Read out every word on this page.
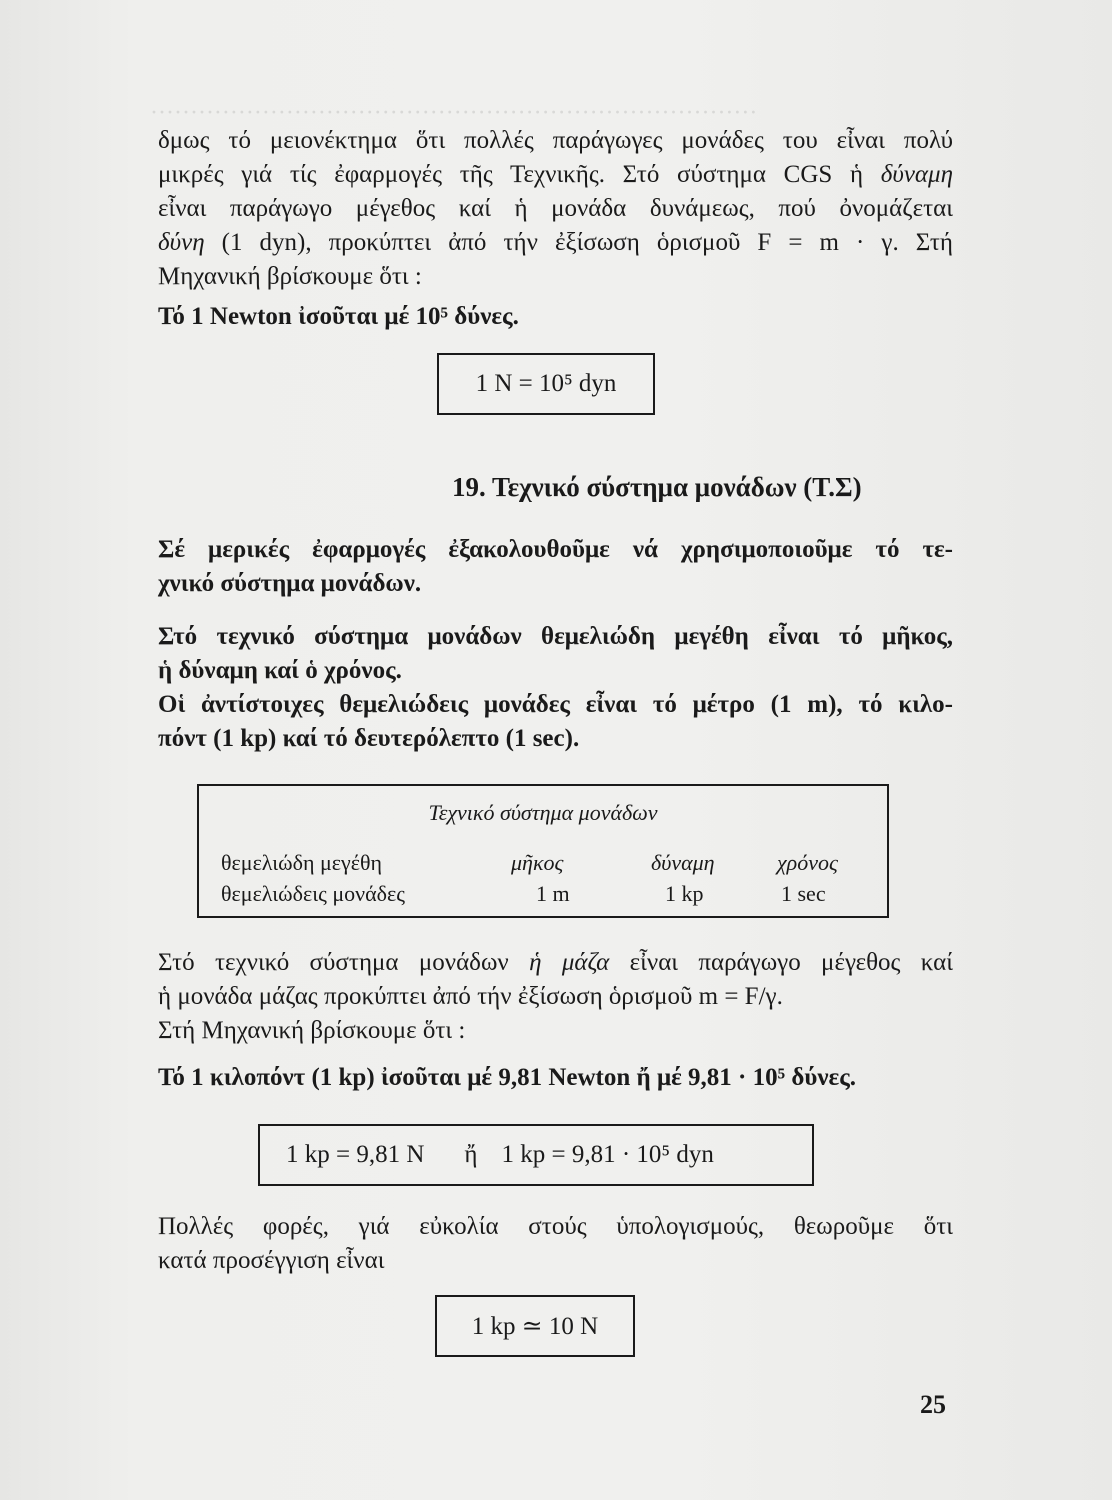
············································································
δμως τό μειονέκτημα ὅτι πολλές παράγωγες μονάδες του εἶναι πολύ
μικρές γιά τίς ἐφαρμογές τῆς Τεχνικῆς. Στό σύστημα CGS ἡ δύναμη
εἶναι παράγωγο μέγεθος καί ἡ μονάδα δυνάμεως, πού ὀνομάζεται
δύνη (1 dyn), προκύπτει ἀπό τήν ἐξίσωση ὁρισμοῦ F = m · γ. Στή
Μηχανική βρίσκουμε ὅτι :
Τό 1 Newton ἰσοῦται μέ 10⁵ δύνες.
1 N = 10⁵ dyn
19. Τεχνικό σύστημα μονάδων (Τ.Σ)
Σέ μερικές ἐφαρμογές ἐξακολουθοῦμε νά χρησιμοποιοῦμε τό τε-
χνικό σύστημα μονάδων.
Στό τεχνικό σύστημα μονάδων θεμελιώδη μεγέθη εἶναι τό μῆκος,
ἡ δύναμη καί ὁ χρόνος.
Οἱ ἀντίστοιχες θεμελιώδεις μονάδες εἶναι τό μέτρο (1 m), τό κιλο-
πόντ (1 kp) καί τό δευτερόλεπτο (1 sec).
Τεχνικό σύστημα μονάδων
θεμελιώδη μεγέθη
θεμελιώδεις μονάδες
μῆκος
1 m
δύναμη
1 kp
χρόνος
1 sec
Στό τεχνικό σύστημα μονάδων ἡ μάζα εἶναι παράγωγο μέγεθος καί
ἡ μονάδα μάζας προκύπτει ἀπό τήν ἐξίσωση ὁρισμοῦ m = F/γ.
Στή Μηχανική βρίσκουμε ὅτι :
Τό 1 κιλοπόντ (1 kp) ἰσοῦται μέ 9,81 Newton ἤ μέ 9,81 · 10⁵ δύνες.
1 kp = 9,81 N ἤ 1 kp = 9,81 · 10⁵ dyn
Πολλές φορές, γιά εὐκολία στούς ὑπολογισμούς, θεωροῦμε ὅτι
κατά προσέγγιση εἶναι
1 kp ≃ 10 N
25
